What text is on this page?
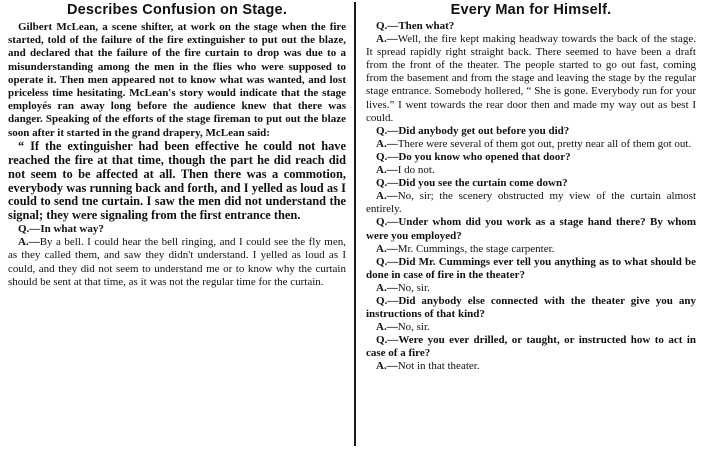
Describes Confusion on Stage.

Gilbert McLean, a scene shifter, at work on the stage when the fire started, told of the failure of the fire extinguisher to put out the blaze, and declared that the failure of the fire curtain to drop was due to a misunderstanding among the men in the flies who were supposed to operate it. Then men appeared not to know what was wanted, and lost priceless time hesitating. McLean's story would indicate that the stage employés ran away long before the audience knew that there was danger. Speaking of the efforts of the stage fireman to put out the blaze soon after it started in the grand drapery, McLean said:

“ If the extinguisher had been effective he could not have reached the fire at that time, though the part he did reach did not seem to be affected at all. Then there was a commotion, everybody was running back and forth, and I yelled as loud as I could to send tne curtain. I saw the men did not understand the signal; they were signaling from the first entrance then.

Q.—In what way?

A.—By a bell. I could hear the bell ringing, and I could see the fly men, as they called them, and saw they didn't understand. I yelled as loud as I could, and they did not seem to understand me or to know why the curtain should be sent at that time, as it was not the regular time for the curtain.

Every Man for Himself.

Q.—Then what?

A.—Well, the fire kept making headway towards the back of the stage. It spread rapidly right straight back. There seemed to have been a draft from the front of the theater. The people started to go out fast, coming from the basement and from the stage and leaving the stage by the regular stage entrance. Somebody hollered, “ She is gone. Everybody run for your lives.” I went towards the rear door then and made my way out as best I could.

Q.—Did anybody get out before you did?

A.—There were several of them got out, pretty near all of them got out.

Q.—Do you know who opened that door?

A.—I do not.

Q.—Did you see the curtain come down?

A.—No, sir; the scenery obstructed my view of the curtain almost entirely.

Q.—Under whom did you work as a stage hand there? By whom were you employed?

A.—Mr. Cummings, the stage carpenter.

Q.—Did Mr. Cummings ever tell you anything as to what should be done in case of fire in the theater?

A.—No, sir.

Q.—Did anybody else connected with the theater give you any instructions of that kind?

A.—No, sir.

Q.—Were you ever drilled, or taught, or instructed how to act in case of a fire?

A.—Not in that theater.
